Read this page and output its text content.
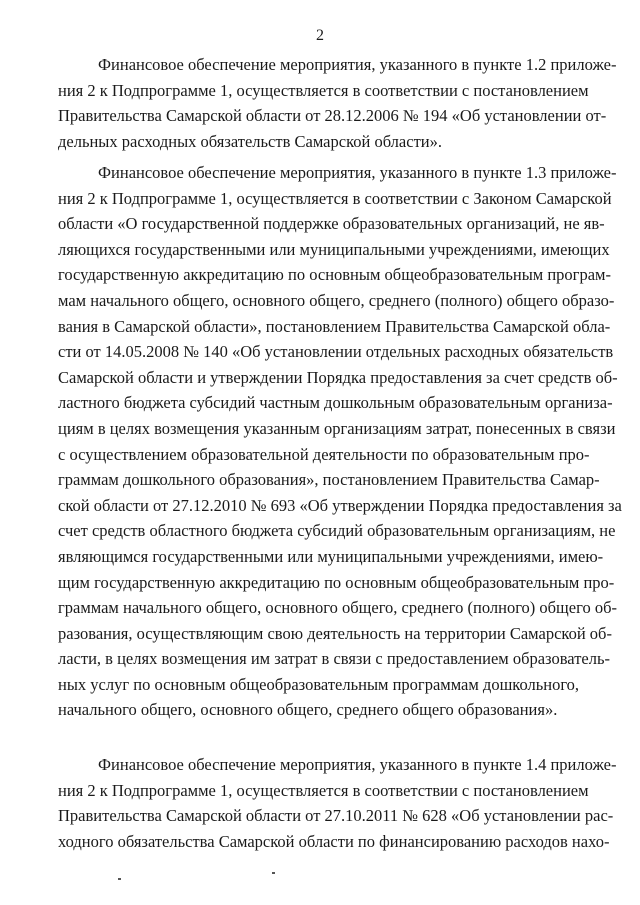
2
Финансовое обеспечение мероприятия, указанного в пункте 1.2 приложе-
ния 2 к Подпрограмме 1, осуществляется в соответствии с постановлением
Правительства Самарской области от 28.12.2006 № 194 «Об установлении от-
дельных расходных обязательств Самарской области».
Финансовое обеспечение мероприятия, указанного в пункте 1.3 приложе-
ния 2 к Подпрограмме 1, осуществляется в соответствии с Законом Самарской
области «О государственной поддержке образовательных организаций, не яв-
ляющихся государственными или муниципальными учреждениями, имеющих
государственную аккредитацию по основным общеобразовательным програм-
мам начального общего, основного общего, среднего (полного) общего образо-
вания в Самарской области», постановлением Правительства Самарской обла-
сти от 14.05.2008 № 140 «Об установлении отдельных расходных обязательств
Самарской области и утверждении Порядка предоставления за счет средств об-
ластного бюджета субсидий частным дошкольным образовательным организа-
циям в целях возмещения указанным организациям затрат, понесенных в связи
с осуществлением образовательной деятельности по образовательным про-
граммам дошкольного образования», постановлением Правительства Самар-
ской области от 27.12.2010 № 693 «Об утверждении Порядка предоставления за
счет средств областного бюджета субсидий образовательным организациям, не
являющимся государственными или муниципальными учреждениями, имею-
щим государственную аккредитацию по основным общеобразовательным про-
граммам начального общего, основного общего, среднего (полного) общего об-
разования, осуществляющим свою деятельность на территории Самарской об-
ласти, в целях возмещения им затрат в связи с предоставлением образователь-
ных услуг по основным общеобразовательным программам дошкольного,
начального общего, основного общего, среднего общего образования».
Финансовое обеспечение мероприятия, указанного в пункте 1.4 приложе-
ния 2 к Подпрограмме 1, осуществляется в соответствии с постановлением
Правительства Самарской области от 27.10.2011 № 628 «Об установлении рас-
ходного обязательства Самарской области по финансированию расходов нахо-
